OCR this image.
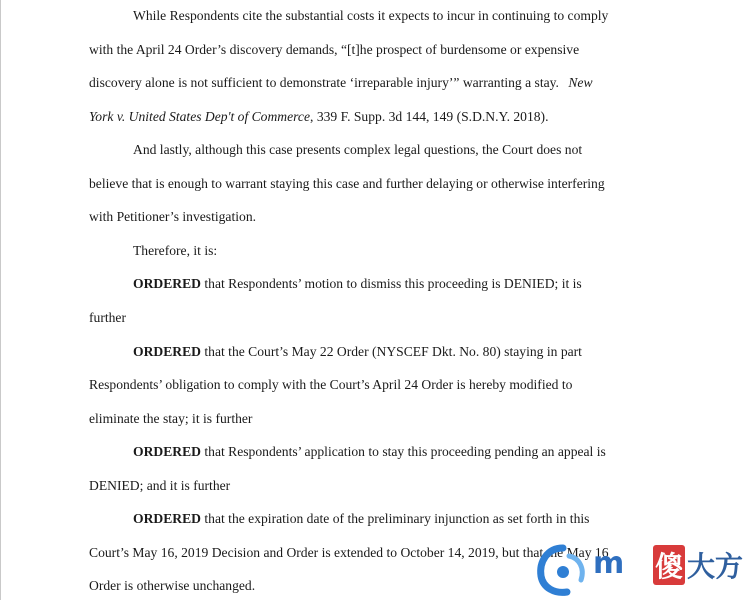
While Respondents cite the substantial costs it expects to incur in continuing to comply
with the April 24 Order’s discovery demands, “[t]he prospect of burdensome or expensive
discovery alone is not sufficient to demonstrate ‘irreparable injury’” warranting a stay. New
York v. United States Dep't of Commerce, 339 F. Supp. 3d 144, 149 (S.D.N.Y. 2018).
And lastly, although this case presents complex legal questions, the Court does not
believe that is enough to warrant staying this case and further delaying or otherwise interfering
with Petitioner’s investigation.
Therefore, it is:
ORDERED that Respondents’ motion to dismiss this proceeding is DENIED; it is
further
ORDERED that the Court’s May 22 Order (NYSCEF Dkt. No. 80) staying in part
Respondents’ obligation to comply with the Court’s April 24 Order is hereby modified to
eliminate the stay; it is further
ORDERED that Respondents’ application to stay this proceeding pending an appeal is
DENIED; and it is further
ORDERED that the expiration date of the preliminary injunction as set forth in this
Court’s May 16, 2019 Decision and Order is extended to October 14, 2019, but that the May 16
Order is otherwise unchanged.
m 傻 大方
